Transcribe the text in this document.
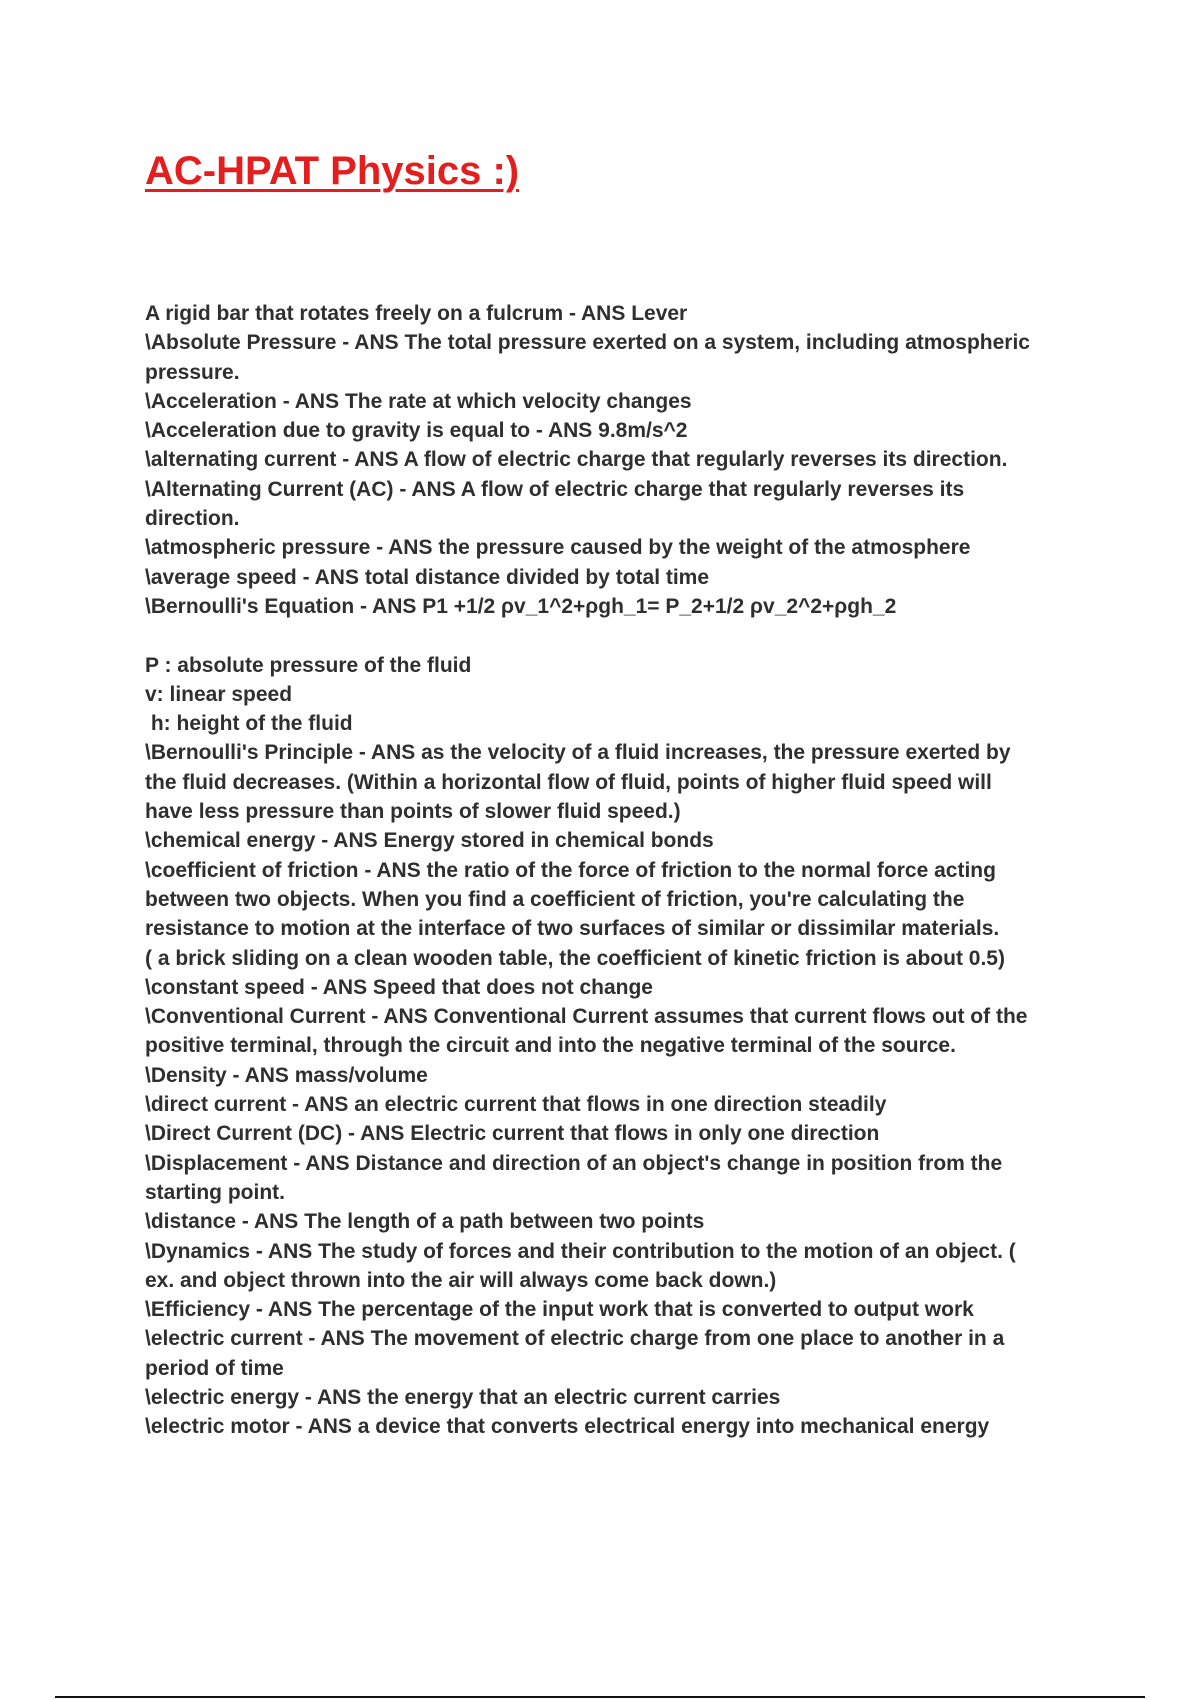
AC-HPAT Physics :)
A rigid bar that rotates freely on a fulcrum - ANS Lever
\Absolute Pressure - ANS The total pressure exerted on a system, including atmospheric
pressure.
\Acceleration - ANS The rate at which velocity changes
\Acceleration due to gravity is equal to - ANS 9.8m/s^2
\alternating current - ANS A flow of electric charge that regularly reverses its direction.
\Alternating Current (AC) - ANS A flow of electric charge that regularly reverses its
direction.
\atmospheric pressure - ANS the pressure caused by the weight of the atmosphere
\average speed - ANS total distance divided by total time
\Bernoulli's Equation - ANS P1 +1/2 ρv_1^2+ρgh_1= P_2+1/2 ρv_2^2+ρgh_2
P : absolute pressure of the fluid
v: linear speed
h: height of the fluid
\Bernoulli's Principle - ANS as the velocity of a fluid increases, the pressure exerted by
the fluid decreases. (Within a horizontal flow of fluid, points of higher fluid speed will
have less pressure than points of slower fluid speed.)
\chemical energy - ANS Energy stored in chemical bonds
\coefficient of friction - ANS the ratio of the force of friction to the normal force acting
between two objects. When you find a coefficient of friction, you're calculating the
resistance to motion at the interface of two surfaces of similar or dissimilar materials.
( a brick sliding on a clean wooden table, the coefficient of kinetic friction is about 0.5)
\constant speed - ANS Speed that does not change
\Conventional Current - ANS Conventional Current assumes that current flows out of the
positive terminal, through the circuit and into the negative terminal of the source.
\Density - ANS mass/volume
\direct current - ANS an electric current that flows in one direction steadily
\Direct Current (DC) - ANS Electric current that flows in only one direction
\Displacement - ANS Distance and direction of an object's change in position from the
starting point.
\distance - ANS The length of a path between two points
\Dynamics - ANS The study of forces and their contribution to the motion of an object. (
ex. and object thrown into the air will always come back down.)
\Efficiency - ANS The percentage of the input work that is converted to output work
\electric current - ANS The movement of electric charge from one place to another in a
period of time
\electric energy - ANS the energy that an electric current carries
\electric motor - ANS a device that converts electrical energy into mechanical energy
